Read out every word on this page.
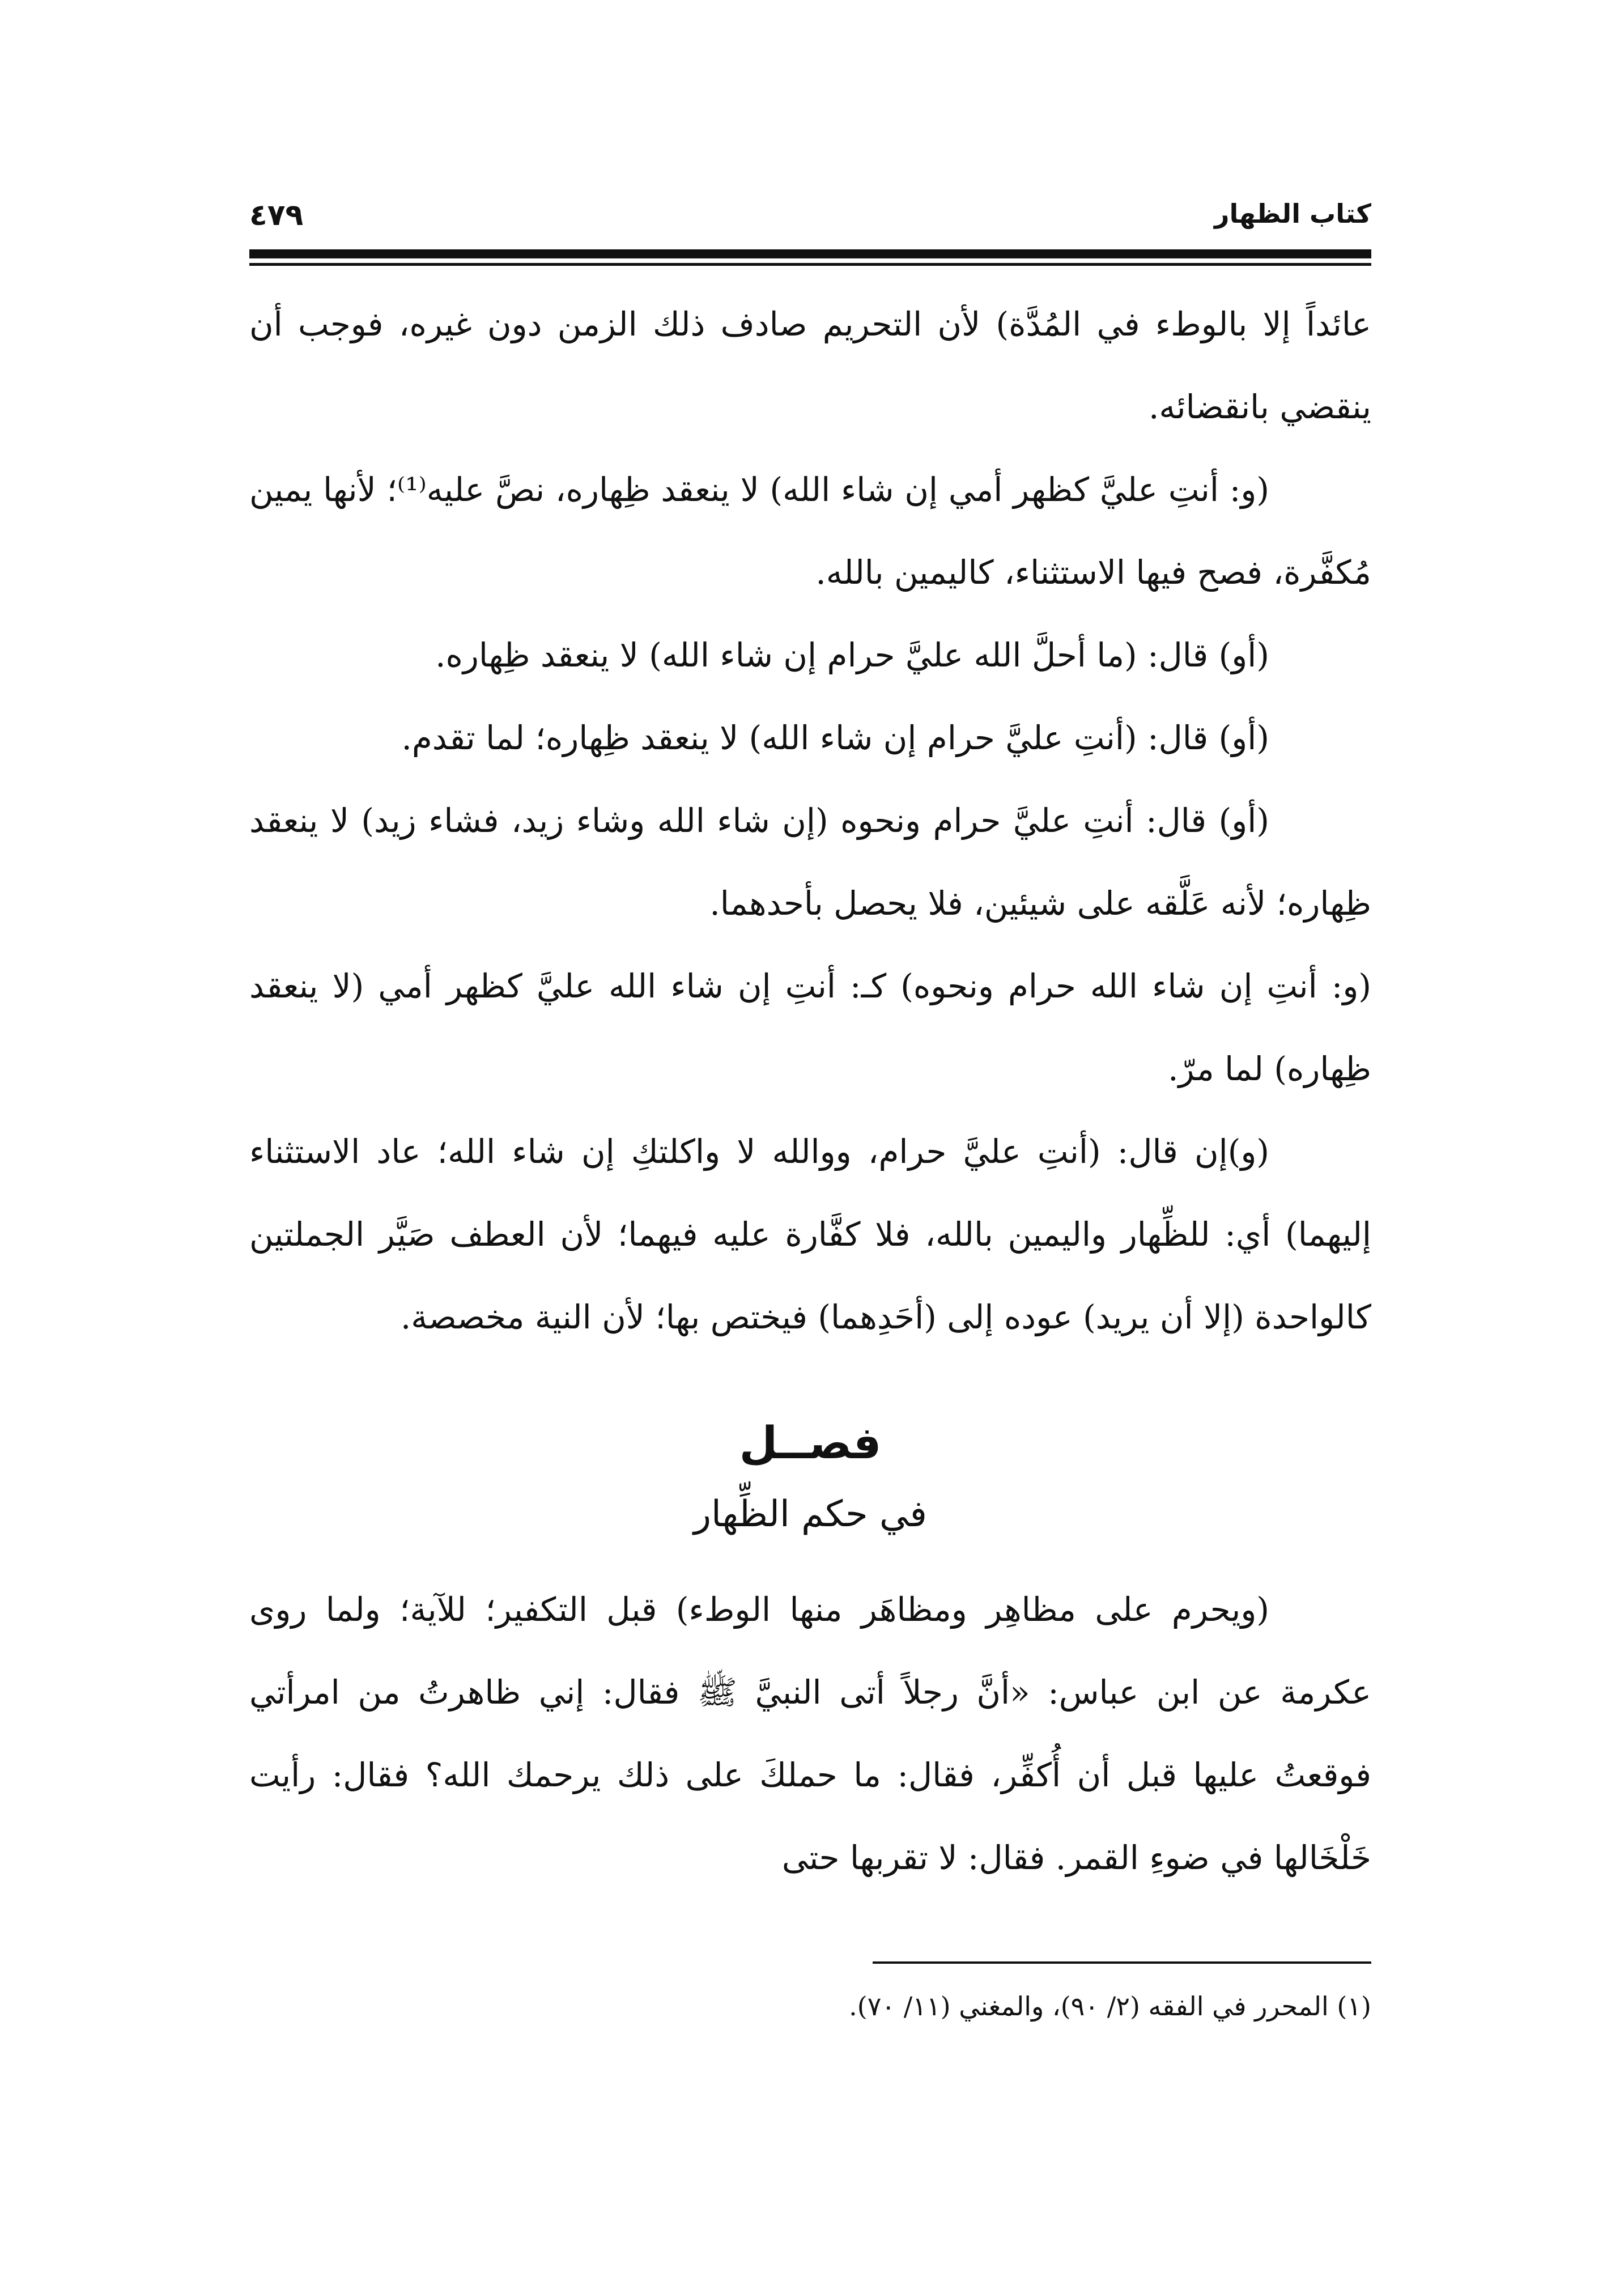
كتاب الظهار
٤٧٩

عائداً إلا بالوطء في المُدَّة) لأن التحريم صادف ذلك الزمن دون غيره، فوجب أن ينقضي بانقضائه.

(و: أنتِ عليَّ كظهر أمي إن شاء الله) لا ينعقد ظِهاره، نصَّ عليه⁽¹⁾؛ لأنها يمين مُكفَّرة، فصح فيها الاستثناء، كاليمين بالله.

(أو) قال: (ما أحلَّ الله عليَّ حرام إن شاء الله) لا ينعقد ظِهاره.

(أو) قال: (أنتِ عليَّ حرام إن شاء الله) لا ينعقد ظِهاره؛ لما تقدم.

(أو) قال: أنتِ عليَّ حرام ونحوه (إن شاء الله وشاء زيد، فشاء زيد) لا ينعقد ظِهاره؛ لأنه عَلَّقه على شيئين، فلا يحصل بأحدهما.

(و: أنتِ إن شاء الله حرام ونحوه) كـ: أنتِ إن شاء الله عليَّ كظهر أمي (لا ينعقد ظِهاره) لما مرّ.

(و)إن قال: (أنتِ عليَّ حرام، ووالله لا واكلتكِ إن شاء الله؛ عاد الاستثناء إليهما) أي: للظِّهار واليمين بالله، فلا كفَّارة عليه فيهما؛ لأن العطف صَيَّر الجملتين كالواحدة (إلا أن يريد) عوده إلى (أحَدِهما) فيختص بها؛ لأن النية مخصصة.

فصــل
في حكم الظِّهار

(ويحرم على مظاهِر ومظاهَر منها الوطء) قبل التكفير؛ للآية؛ ولما روى عكرمة عن ابن عباس: «أنَّ رجلاً أتى النبيَّ ﷺ فقال: إني ظاهرتُ من امرأتي فوقعتُ عليها قبل أن أُكفِّر، فقال: ما حملكَ على ذلك يرحمك الله؟ فقال: رأيت خَلْخَالها في ضوءِ القمر. فقال: لا تقربها حتى

(١) المحرر في الفقه (٢/ ٩٠)، والمغني (١١/ ٧٠).
